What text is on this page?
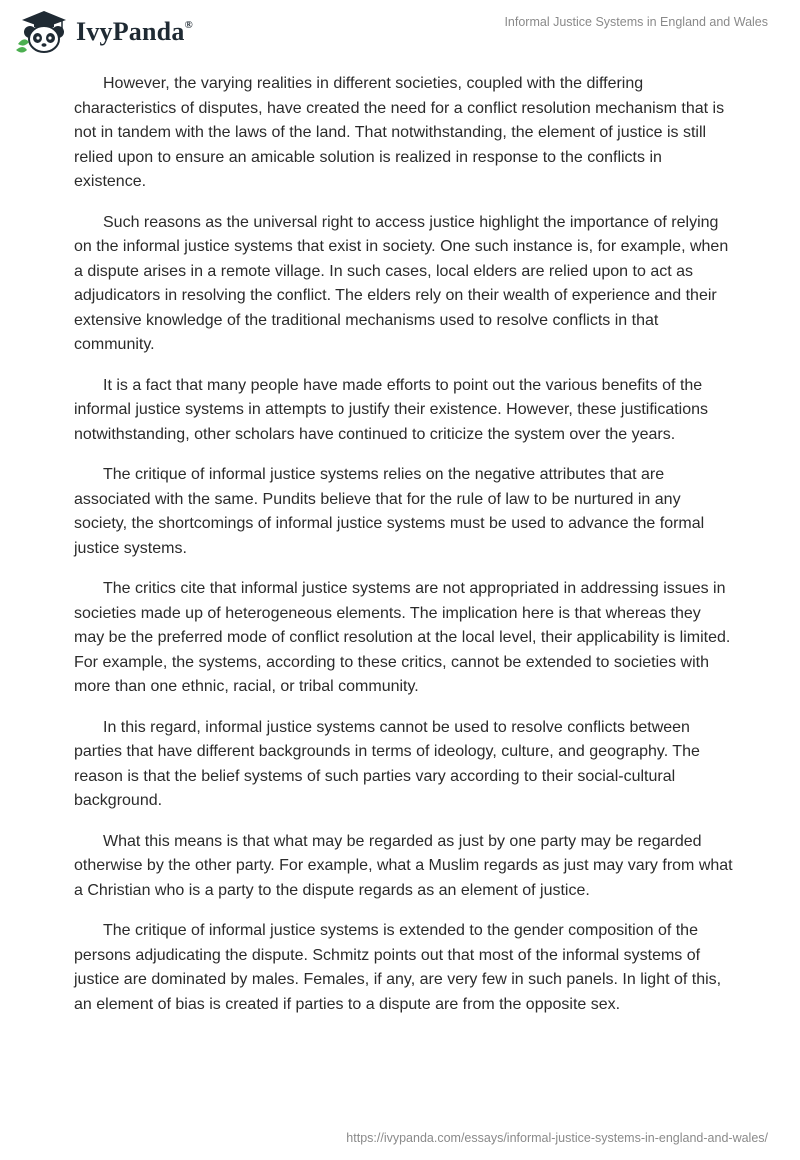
IvyPanda®	Informal Justice Systems in England and Wales

However, the varying realities in different societies, coupled with the differing characteristics of disputes, have created the need for a conflict resolution mechanism that is not in tandem with the laws of the land. That notwithstanding, the element of justice is still relied upon to ensure an amicable solution is realized in response to the conflicts in existence.

Such reasons as the universal right to access justice highlight the importance of relying on the informal justice systems that exist in society. One such instance is, for example, when a dispute arises in a remote village. In such cases, local elders are relied upon to act as adjudicators in resolving the conflict. The elders rely on their wealth of experience and their extensive knowledge of the traditional mechanisms used to resolve conflicts in that community.

It is a fact that many people have made efforts to point out the various benefits of the informal justice systems in attempts to justify their existence. However, these justifications notwithstanding, other scholars have continued to criticize the system over the years.

The critique of informal justice systems relies on the negative attributes that are associated with the same. Pundits believe that for the rule of law to be nurtured in any society, the shortcomings of informal justice systems must be used to advance the formal justice systems.

The critics cite that informal justice systems are not appropriated in addressing issues in societies made up of heterogeneous elements. The implication here is that whereas they may be the preferred mode of conflict resolution at the local level, their applicability is limited. For example, the systems, according to these critics, cannot be extended to societies with more than one ethnic, racial, or tribal community.

In this regard, informal justice systems cannot be used to resolve conflicts between parties that have different backgrounds in terms of ideology, culture, and geography. The reason is that the belief systems of such parties vary according to their social-cultural background.

What this means is that what may be regarded as just by one party may be regarded otherwise by the other party. For example, what a Muslim regards as just may vary from what a Christian who is a party to the dispute regards as an element of justice.

The critique of informal justice systems is extended to the gender composition of the persons adjudicating the dispute. Schmitz points out that most of the informal systems of justice are dominated by males. Females, if any, are very few in such panels. In light of this, an element of bias is created if parties to a dispute are from the opposite sex.

https://ivypanda.com/essays/informal-justice-systems-in-england-and-wales/
